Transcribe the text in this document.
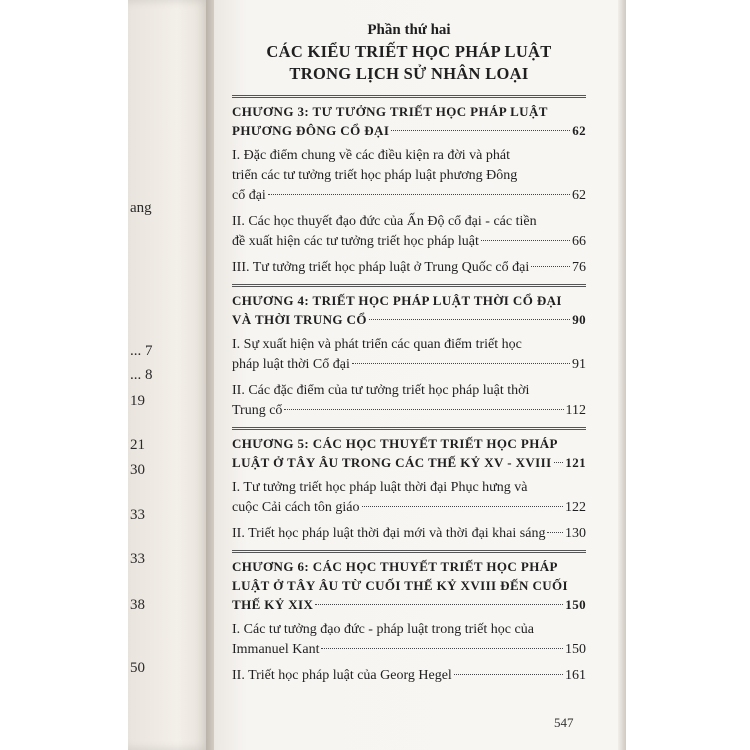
ang
... 7
... 8
19
21
30
33
33
38
50
Phần thứ hai
CÁC KIỂU TRIẾT HỌC PHÁP LUẬT
TRONG LỊCH SỬ NHÂN LOẠI
CHƯƠNG 3: TƯ TƯỞNG TRIẾT HỌC PHÁP LUẬT
PHƯƠNG ĐÔNG CỔ ĐẠI	62
I. Đặc điểm chung về các điều kiện ra đời và phát
triển các tư tưởng triết học pháp luật phương Đông
cổ đại	62
II. Các học thuyết đạo đức của Ấn Độ cổ đại - các tiền
đề xuất hiện các tư tưởng triết học pháp luật	66
III. Tư tưởng triết học pháp luật ở Trung Quốc cổ đại	76
CHƯƠNG 4: TRIẾT HỌC PHÁP LUẬT THỜI CỔ ĐẠI
VÀ THỜI TRUNG CỔ	90
I. Sự xuất hiện và phát triển các quan điểm triết học
pháp luật thời Cổ đại	91
II. Các đặc điểm của tư tưởng triết học pháp luật thời
Trung cổ	112
CHƯƠNG 5: CÁC HỌC THUYẾT TRIẾT HỌC PHÁP
LUẬT Ở TÂY ÂU TRONG CÁC THẾ KỶ XV - XVIII 121
I. Tư tưởng triết học pháp luật thời đại Phục hưng và
cuộc Cải cách tôn giáo	122
II. Triết học pháp luật thời đại mới và thời đại khai sáng 130
CHƯƠNG 6: CÁC HỌC THUYẾT TRIẾT HỌC PHÁP
LUẬT Ở TÂY ÂU TỪ CUỐI THẾ KỶ XVIII ĐẾN CUỐI
THẾ KỶ XIX	150
I. Các tư tưởng đạo đức - pháp luật trong triết học của
Immanuel Kant	150
II. Triết học pháp luật của Georg Hegel	161
547
